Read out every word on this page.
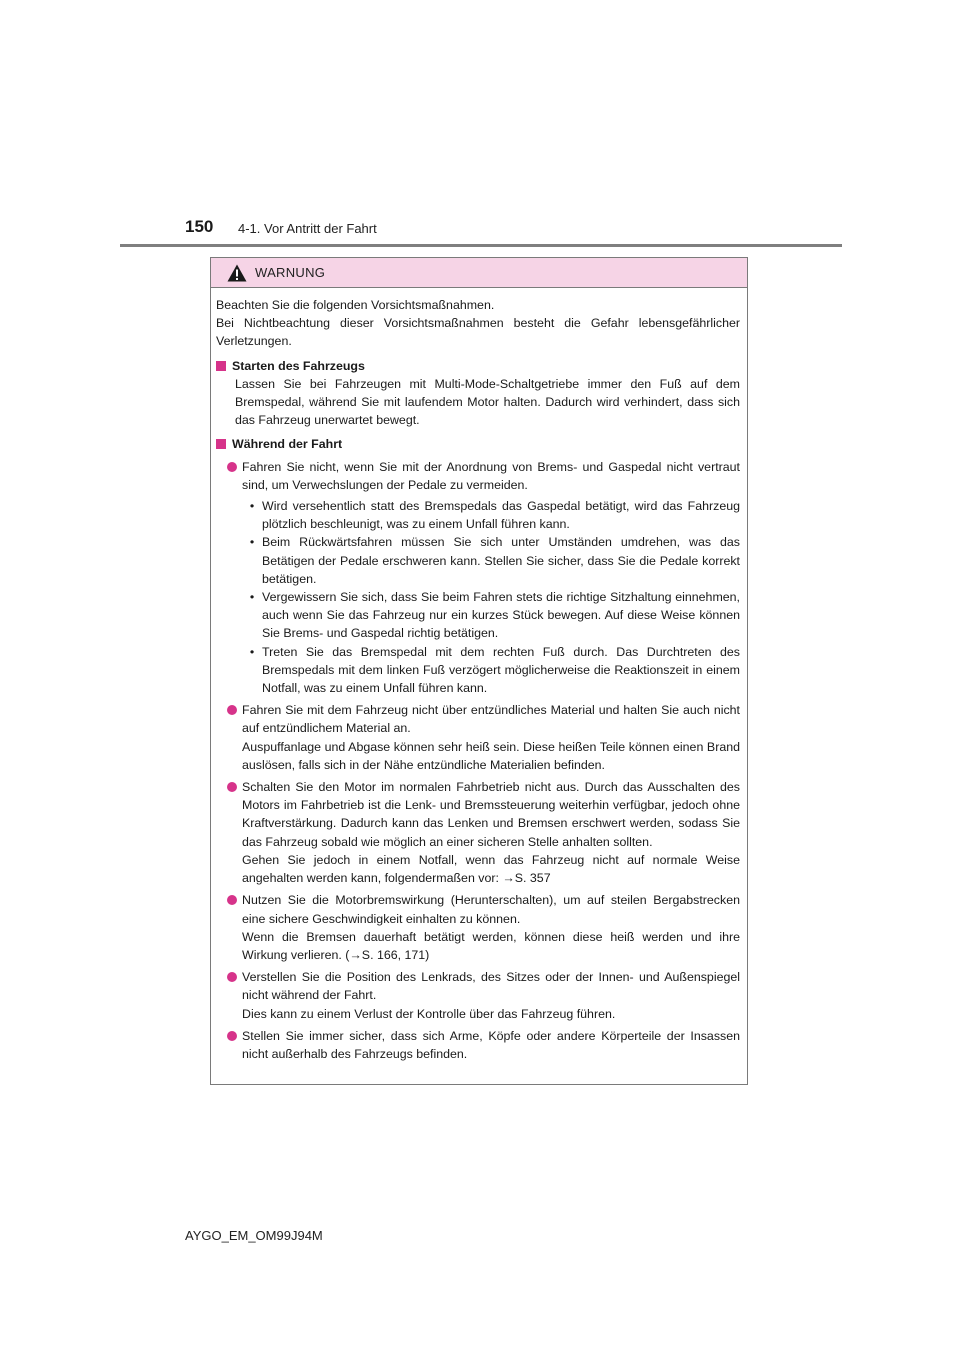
150 4-1. Vor Antritt der Fahrt
WARNUNG

Beachten Sie die folgenden Vorsichtsmaßnahmen.

Bei Nichtbeachtung dieser Vorsichtsmaßnahmen besteht die Gefahr lebensgefährlicher Verletzungen.

Starten des Fahrzeugs

Lassen Sie bei Fahrzeugen mit Multi-Mode-Schaltgetriebe immer den Fuß auf dem Bremspedal, während Sie mit laufendem Motor halten. Dadurch wird verhindert, dass sich das Fahrzeug unerwartet bewegt.

Während der Fahrt

Fahren Sie nicht, wenn Sie mit der Anordnung von Brems- und Gaspedal nicht vertraut sind, um Verwechslungen der Pedale zu vermeiden.

• Wird versehentlich statt des Bremspedals das Gaspedal betätigt, wird das Fahrzeug plötzlich beschleunigt, was zu einem Unfall führen kann.
• Beim Rückwärtsfahren müssen Sie sich unter Umständen umdrehen, was das Betätigen der Pedale erschweren kann. Stellen Sie sicher, dass Sie die Pedale korrekt betätigen.
• Vergewissern Sie sich, dass Sie beim Fahren stets die richtige Sitzhaltung einnehmen, auch wenn Sie das Fahrzeug nur ein kurzes Stück bewegen. Auf diese Weise können Sie Brems- und Gaspedal richtig betätigen.
• Treten Sie das Bremspedal mit dem rechten Fuß durch. Das Durchtreten des Bremspedals mit dem linken Fuß verzögert möglicherweise die Reaktionszeit in einem Notfall, was zu einem Unfall führen kann.

Fahren Sie mit dem Fahrzeug nicht über entzündliches Material und halten Sie auch nicht auf entzündlichem Material an.

Auspuffanlage und Abgase können sehr heiß sein. Diese heißen Teile können einen Brand auslösen, falls sich in der Nähe entzündliche Materialien befinden.

Schalten Sie den Motor im normalen Fahrbetrieb nicht aus. Durch das Ausschalten des Motors im Fahrbetrieb ist die Lenk- und Bremssteuerung weiterhin verfügbar, jedoch ohne Kraftverstärkung. Dadurch kann das Lenken und Bremsen erschwert werden, sodass Sie das Fahrzeug sobald wie möglich an einer sicheren Stelle anhalten sollten.

Gehen Sie jedoch in einem Notfall, wenn das Fahrzeug nicht auf normale Weise angehalten werden kann, folgendermaßen vor: →S. 357

Nutzen Sie die Motorbremswirkung (Herunterschalten), um auf steilen Bergabstrecken eine sichere Geschwindigkeit einhalten zu können.

Wenn die Bremsen dauerhaft betätigt werden, können diese heiß werden und ihre Wirkung verlieren. (→S. 166, 171)

Verstellen Sie die Position des Lenkrads, des Sitzes oder der Innen- und Außenspiegel nicht während der Fahrt.

Dies kann zu einem Verlust der Kontrolle über das Fahrzeug führen.

Stellen Sie immer sicher, dass sich Arme, Köpfe oder andere Körperteile der Insassen nicht außerhalb des Fahrzeugs befinden.

AYGO_EM_OM99J94M
